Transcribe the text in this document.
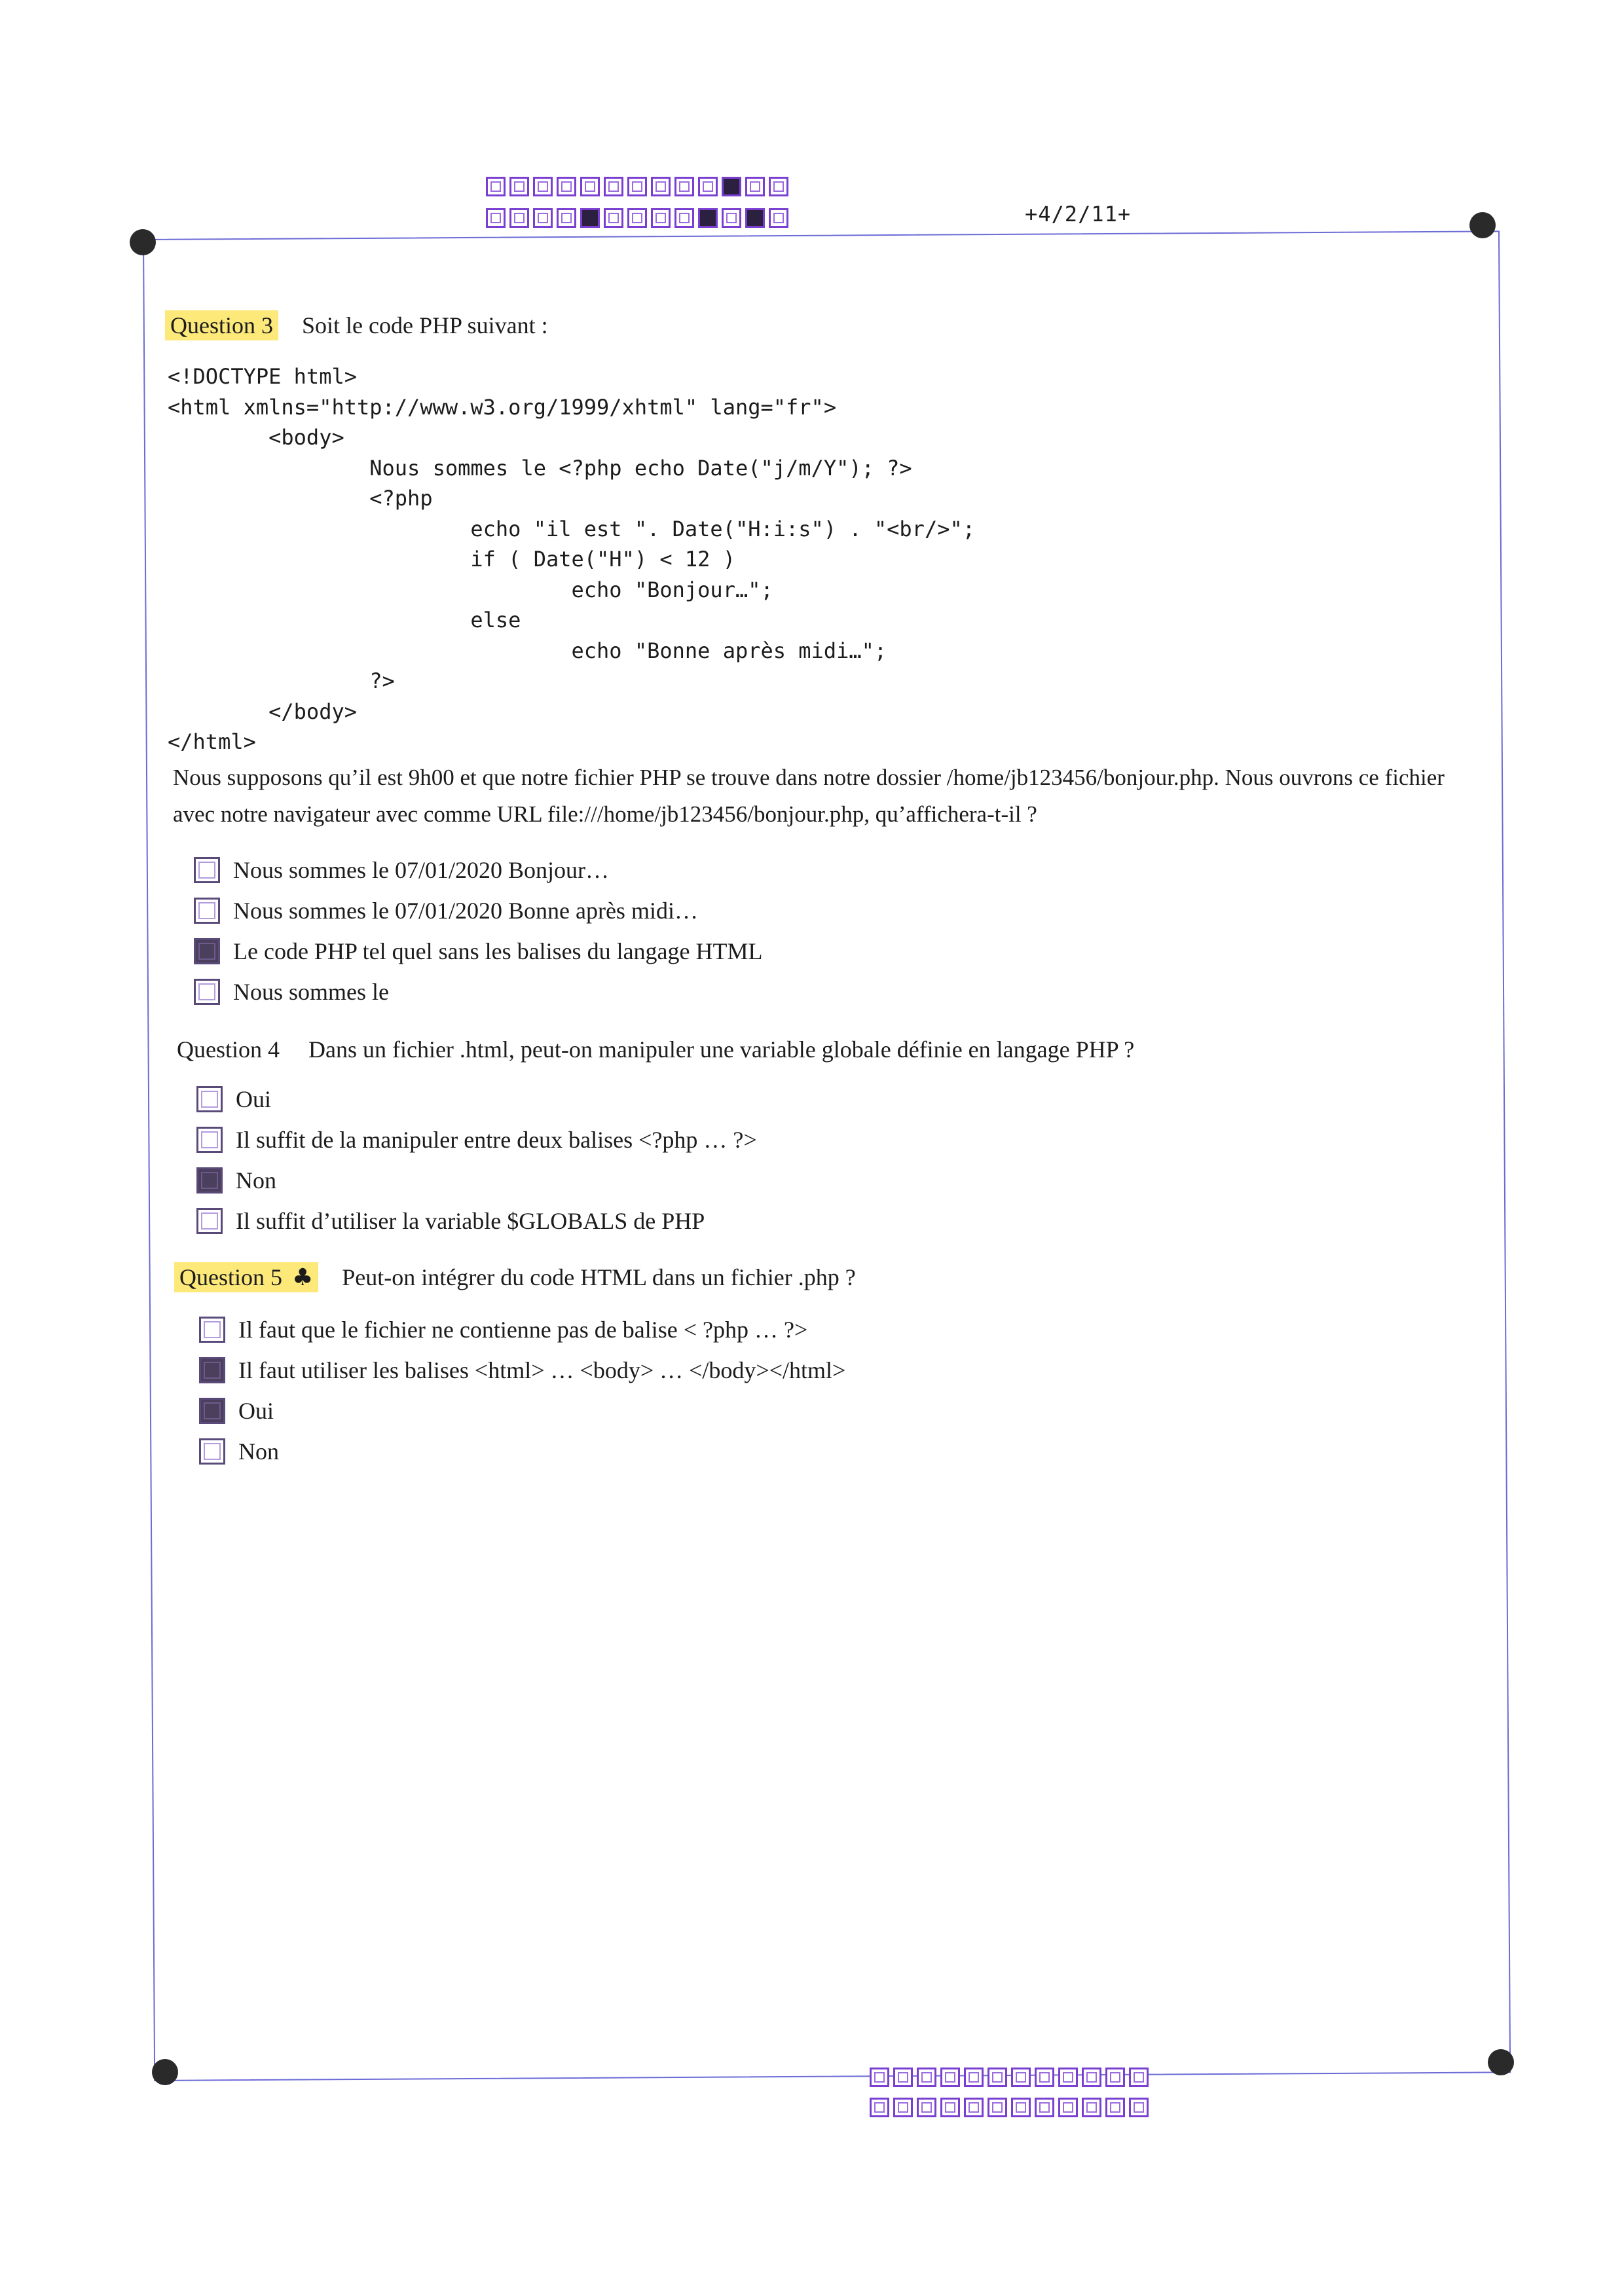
+4/2/11+
Question 3 Soit le code PHP suivant :
<!DOCTYPE html>
<html xmlns="http://www.w3.org/1999/xhtml" lang="fr">
<body>
Nous sommes le <?php echo Date("j/m/Y"); ?>
<?php
echo "il est ". Date("H:i:s") . "<br/>";
if ( Date("H") < 12 )
echo "Bonjour…";
else
echo "Bonne après midi…";
?>
</body>
</html>

Nous supposons qu’il est 9h00 et que notre fichier PHP se trouve dans notre dossier /home/jb123456/bonjour.php. Nous ouvrons ce fichier avec notre navigateur avec comme URL file:///home/jb123456/bonjour.php, qu’affichera-t-il ?

Nous sommes le 07/01/2020 Bonjour…
Nous sommes le 07/01/2020 Bonne après midi…
Le code PHP tel quel sans les balises du langage HTML
Nous sommes le
Question 4 Dans un fichier .html, peut-on manipuler une variable globale définie en langage PHP ?
Oui
Il suffit de la manipuler entre deux balises <?php … ?>
Non
Il suffit d’utiliser la variable $GLOBALS de PHP
Question 5 ♣ Peut-on intégrer du code HTML dans un fichier .php ?
Il faut que le fichier ne contienne pas de balise < ?php … ?>
Il faut utiliser les balises <html> … <body> … </body></html>
Oui
Non
